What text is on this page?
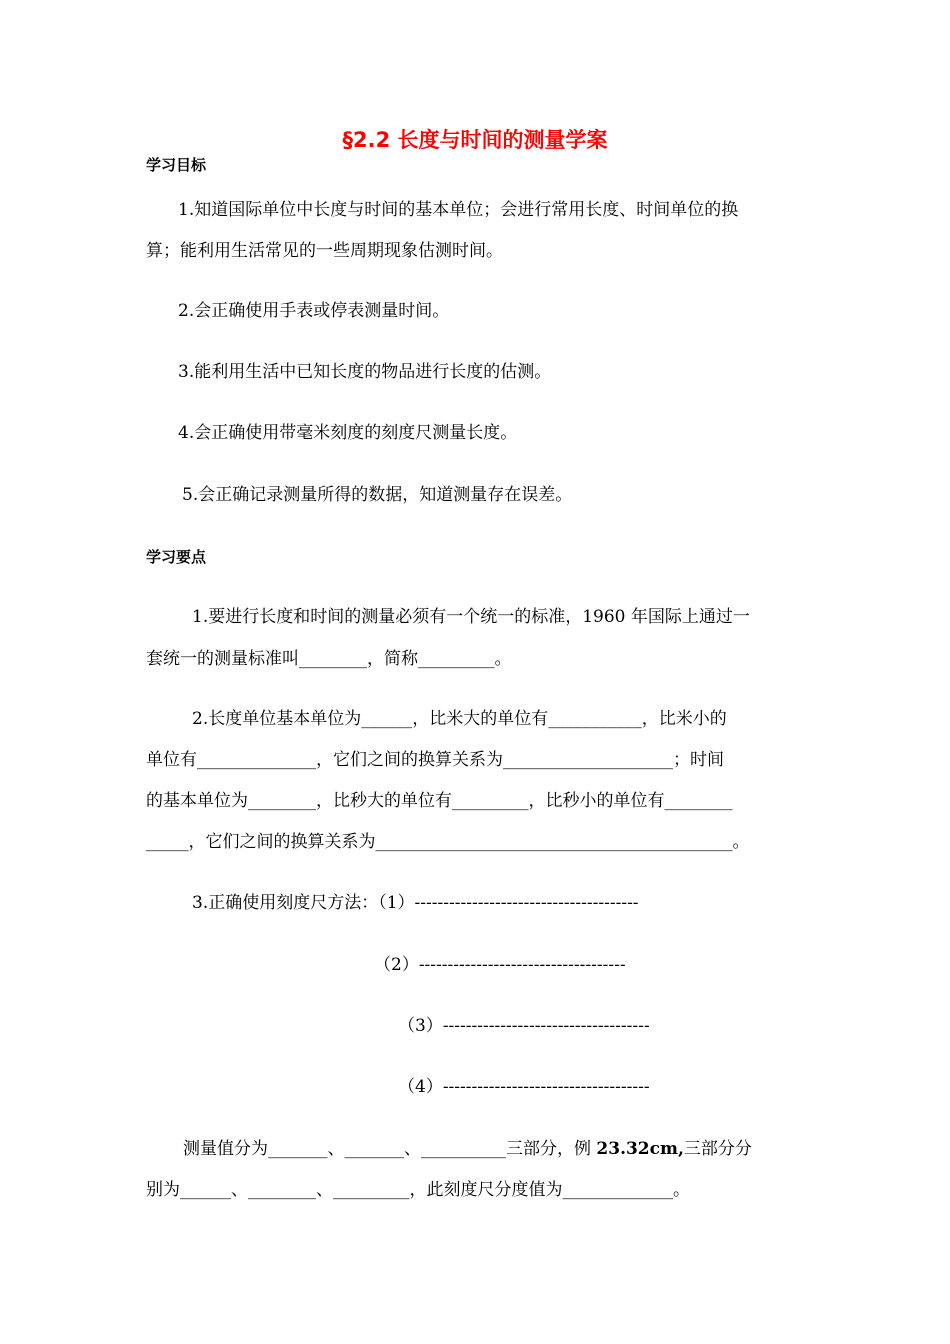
§2.2 长度与时间的测量学案
学习目标
1.知道国际单位中长度与时间的基本单位；会进行常用长度、时间单位的换
算；能利用生活常见的一些周期现象估测时间。
2.会正确使用手表或停表测量时间。
3.能利用生活中已知长度的物品进行长度的估测。
4.会正确使用带毫米刻度的刻度尺测量长度。
5.会正确记录测量所得的数据，知道测量存在误差。
学习要点
1.要进行长度和时间的测量必须有一个统一的标准，1960 年国际上通过一
套统一的测量标准叫________，简称_________。
2.长度单位基本单位为______，比米大的单位有___________，比米小的
单位有______________，它们之间的换算关系为____________________；时间
的基本单位为________，比秒大的单位有_________，比秒小的单位有________
_____，它们之间的换算关系为__________________________________________。
3.正确使用刻度尺方法：（1）---------------------------------------
（2）------------------------------------
（3）------------------------------------
（4）------------------------------------
测量值分为_______、_______、__________三部分，例 23.32cm,三部分分
别为______、________、_________，此刻度尺分度值为_____________。
